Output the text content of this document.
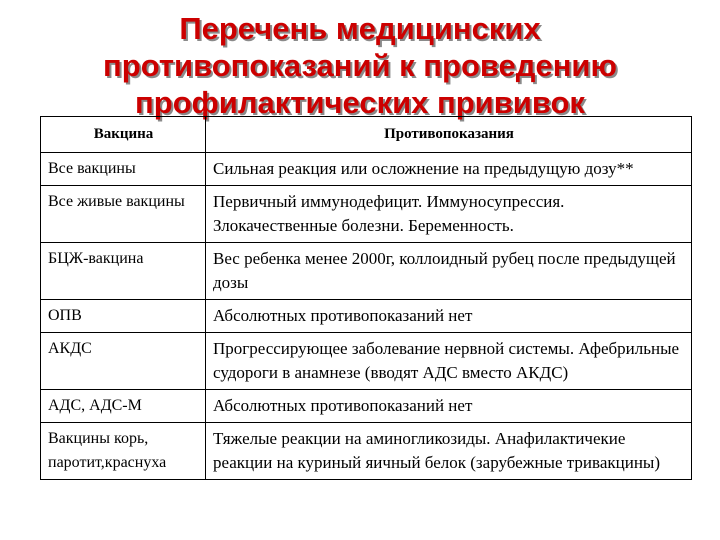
Перечень медицинских
противопоказаний к проведению
профилактических прививок
Вакцина	Противопоказания
Все вакцины	Сильная реакция или осложнение на предыдущую дозу**
Все живые вакцины	Первичный иммунодефицит. Иммуносупрессия. Злокачественные болезни. Беременность.
БЦЖ-вакцина	Вес ребенка менее 2000г, коллоидный рубец после предыдущей дозы
ОПВ	Абсолютных противопоказаний нет
АКДС	Прогрессирующее заболевание нервной системы. Афебрильные судороги в анамнезе (вводят АДС вместо АКДС)
АДС, АДС-М	Абсолютных противопоказаний нет
Вакцины корь, паротит,краснуха	Тяжелые реакции на аминогликозиды. Анафилактичекие реакции на куриный яичный белок (зарубежные тривакцины)
